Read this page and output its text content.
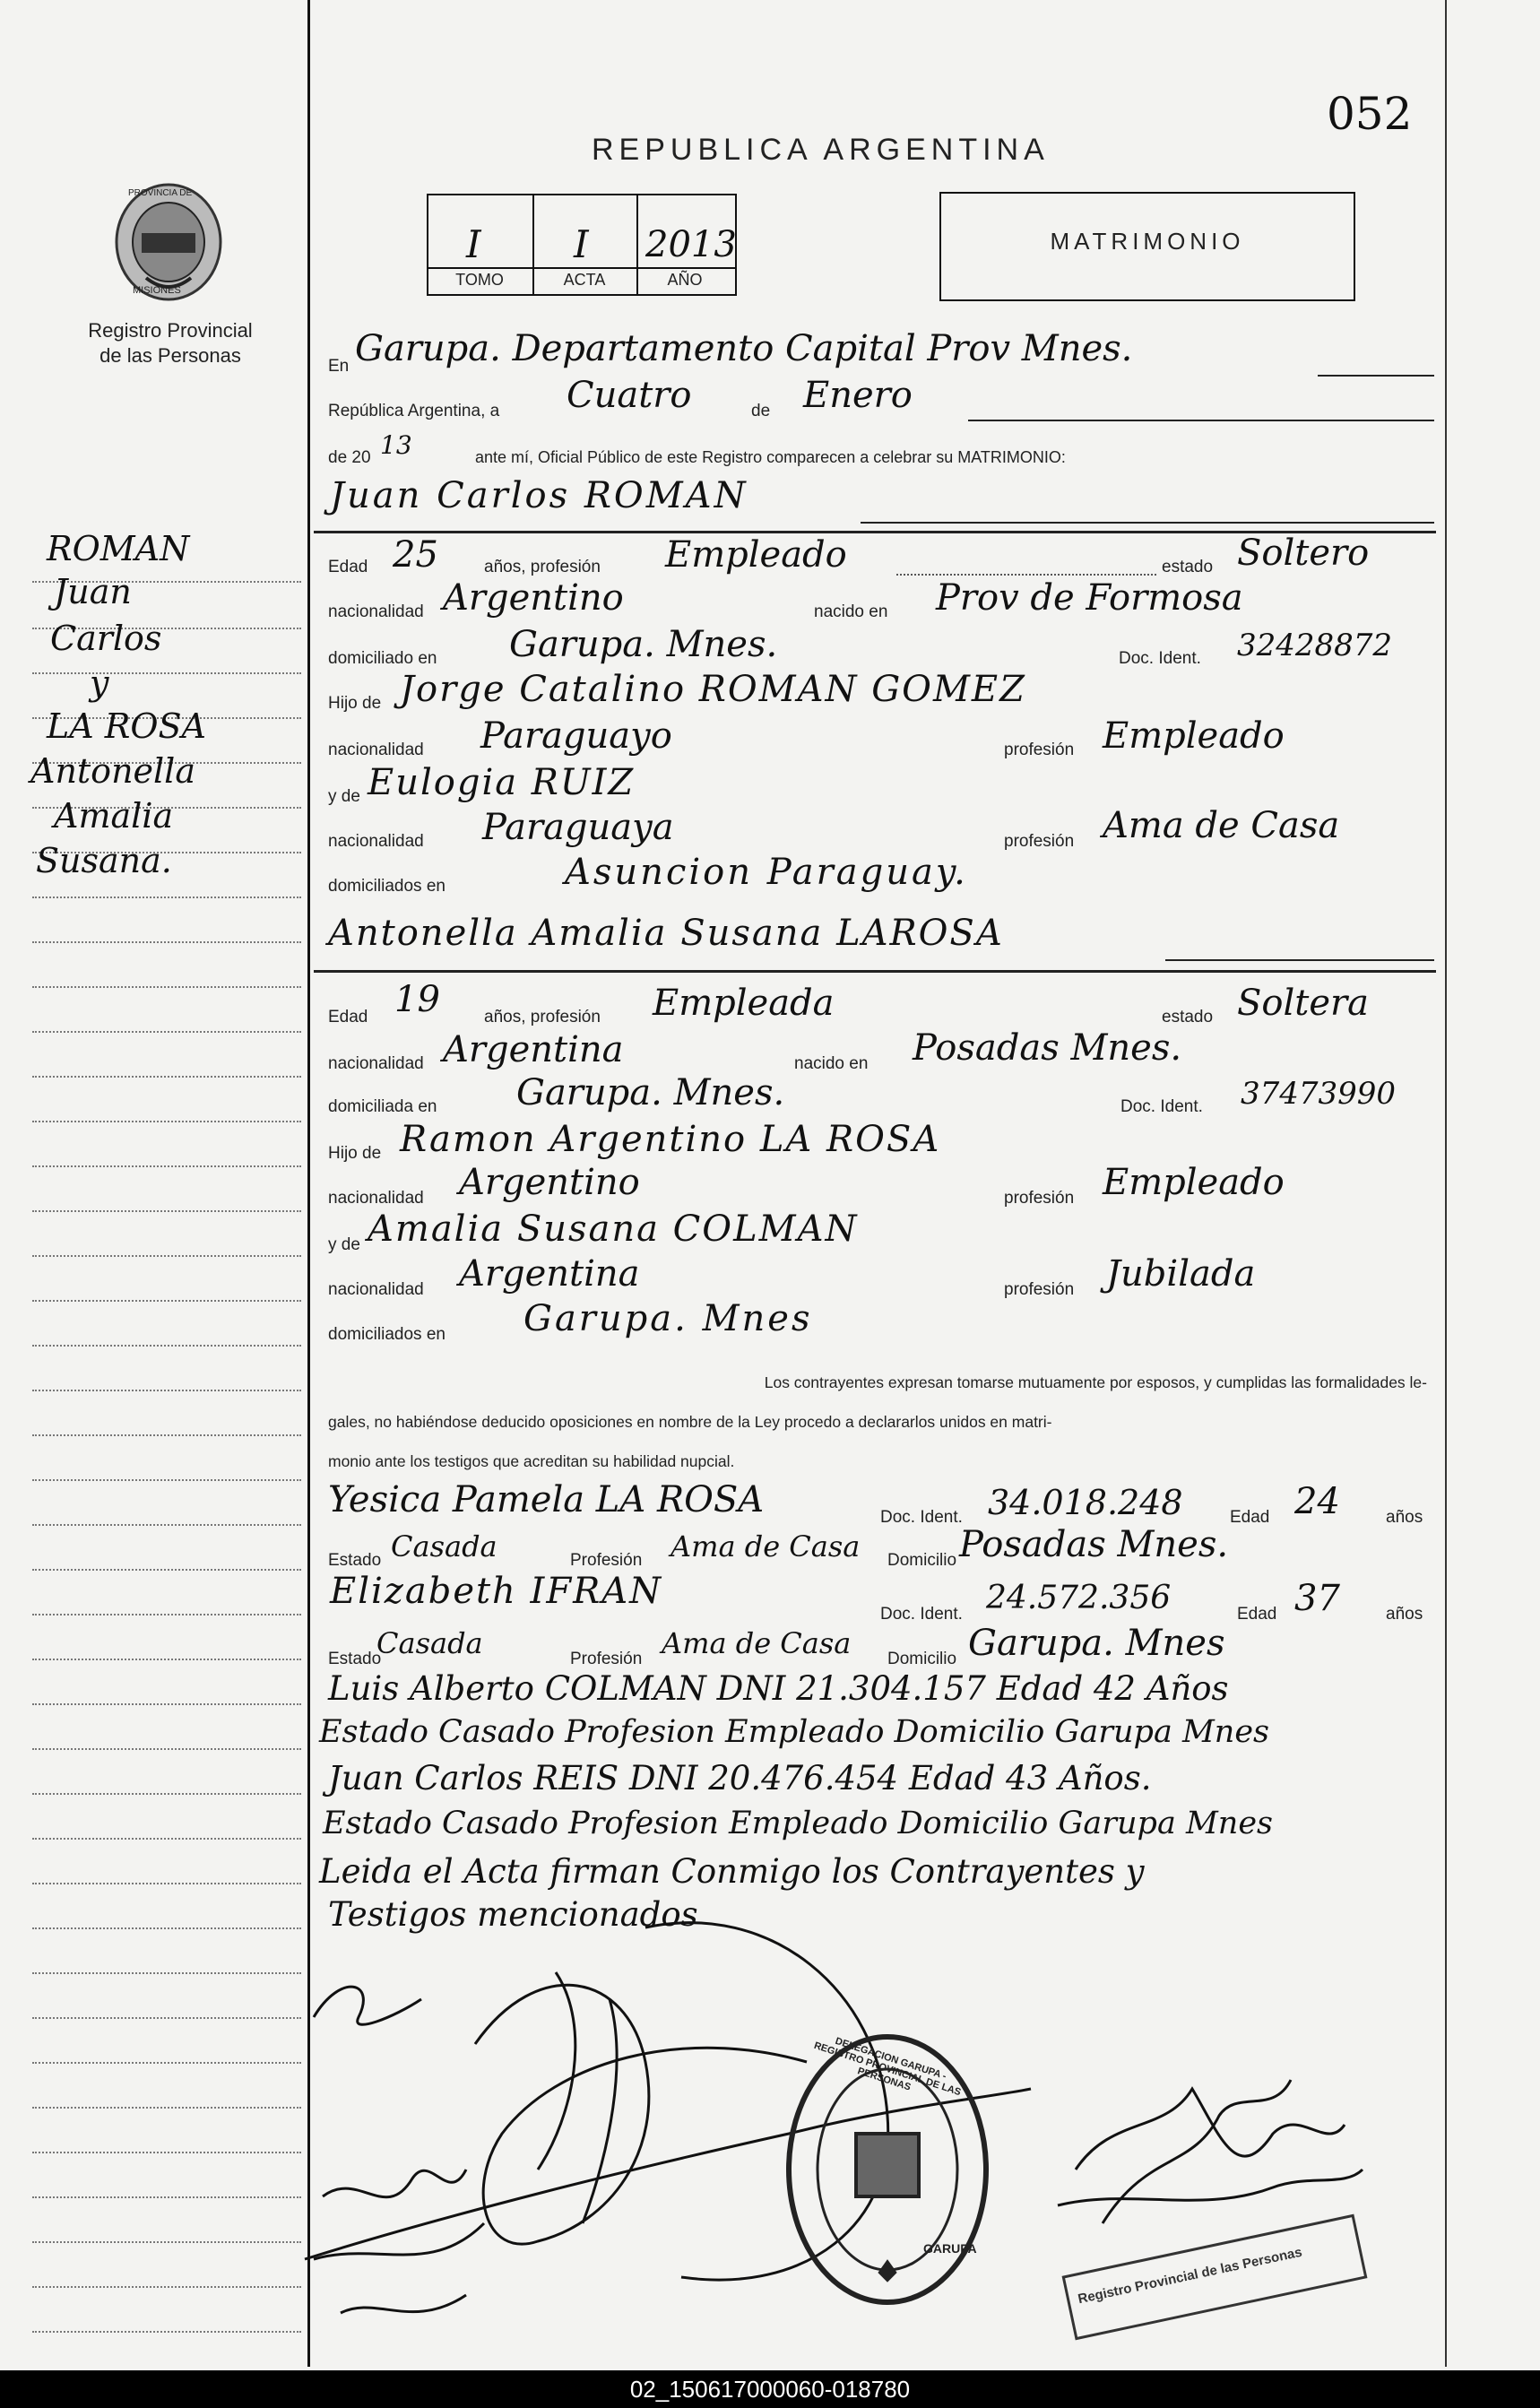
052
REPUBLICA ARGENTINA
PROVINCIA DE
MISIONES
Registro Provincial
de las Personas
I I 2013
TOMO	ACTA	AÑO
MATRIMONIO
ROMAN
Juan
Carlos
y
LA ROSA
Antonella
Amalia
Susana.
En Garupa. Departamento Capital Prov Mnes.
República Argentina, a Cuatro	de Enero
de 20 13	ante mí, Oficial Público de este Registro comparecen a celebrar su MATRIMONIO:
Juan Carlos ROMAN
Edad 25	años, profesión Empleado	estado Soltero
nacionalidad Argentino	nacido en Prov de Formosa
domiciliado en Garupa. Mnes.	Doc. Ident. 32428872
Hijo de Jorge Catalino ROMAN GOMEZ
nacionalidad Paraguayo	profesión Empleado
y de Eulogia RUIZ
nacionalidad Paraguaya	profesión Ama de Casa
domiciliados en	Asuncion Paraguay.
Antonella Amalia Susana LAROSA
Edad 19	años, profesión Empleada	estado Soltera
nacionalidad Argentina	nacido en Posadas Mnes.
domiciliada en Garupa. Mnes.	Doc. Ident. 37473990
Hijo de Ramon Argentino LA ROSA
nacionalidad Argentino	profesión Empleado
y de Amalia Susana COLMAN
nacionalidad Argentina	profesión Jubilada
domiciliados en Garupa. Mnes
Los contrayentes expresan tomarse mutuamente por esposos, y cumplidas las formalidades le-
gales, no habiéndose deducido oposiciones en nombre de la Ley procedo a declararlos unidos en matri-
monio ante los testigos que acreditan su habilidad nupcial.
Yesica Pamela LA ROSA	Doc. Ident. 34.018.248	Edad 24	años
Estado Casada	Profesión Ama de Casa Domicilio Posadas Mnes.
Elizabeth IFRAN
Doc. Ident. 24.572.356	Edad 37	años
Estado
Casada	Profesión Ama de Casa Domicilio Garupa. Mnes
Luis Alberto COLMAN DNI 21.304.157 Edad 42 Años
Estado Casado Profesion Empleado Domicilio Garupa Mnes
Juan Carlos REIS DNI 20.476.454 Edad 43 Años.
Estado Casado Profesion Empleado Domicilio Garupa Mnes
Leida el Acta firman Conmigo los Contrayentes y
Testigos mencionados
GARUPA
DELEGACION GARUPA - REGISTRO PROVINCIAL DE LAS PERSONAS
Registro Provincial de las Personas
02_150617000060-018780
